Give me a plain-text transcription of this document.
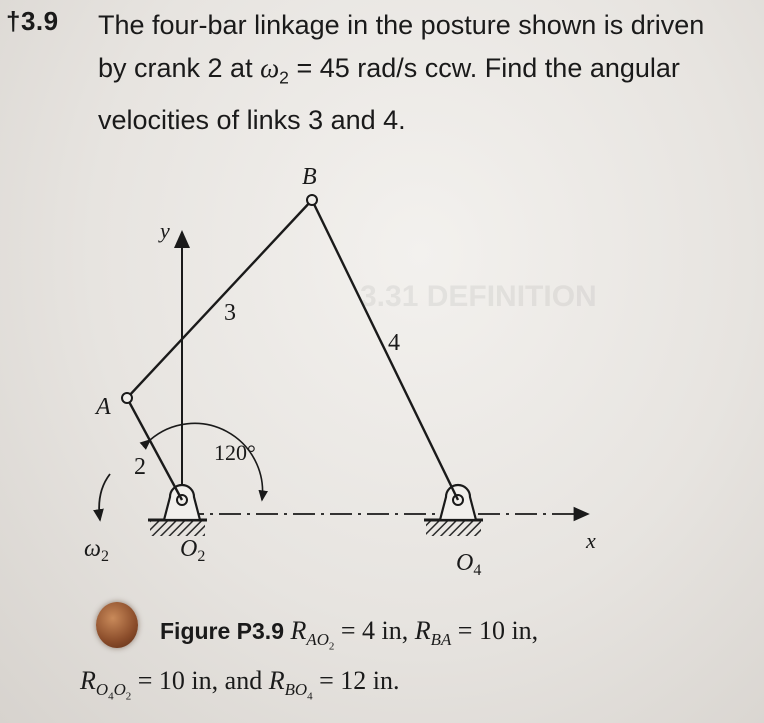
3.31 DEFINITION
†3.9 The four-bar linkage in the posture shown is driven
by crank 2 at $\omega_2 = 45$ rad/s ccw. Find the angular
velocities of links 3 and 4.
y
x
B
A
3
4
2
120°
$\omega_2$	$O_2$	$O_4$
Figure P3.9 $R_{AO_2} = 4$ in, $R_{BA} = 10$ in,
$R_{O_4O_2} = 10$ in, and $R_{BO_4} = 12$ in.
